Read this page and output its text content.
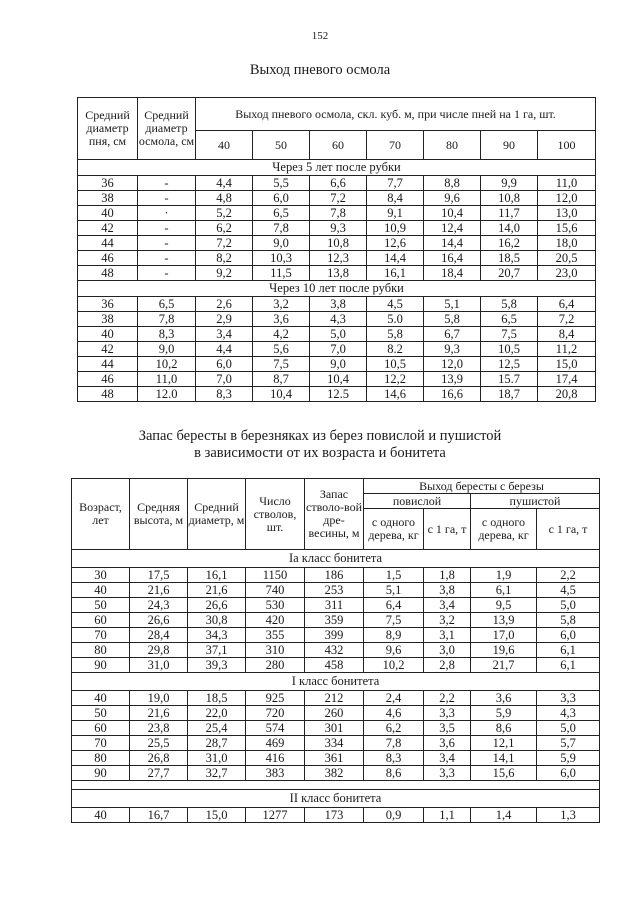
152
Выход пневого осмола
Средний диаметр пня, см	Средний диаметр осмола, см	Выход пневого осмола, скл. куб. м, при числе пней на 1 га, шт.						
		40	50	60	70	80	90	100
Через 5 лет после рубки								
36	-	4,4	5,5	6,6	7,7	8,8	9,9	11,0
38	-	4,8	6,0	7,2	8,4	9,6	10,8	12,0
40	·	5,2	6,5	7,8	9,1	10,4	11,7	13,0
42	-	6,2	7,8	9,3	10,9	12,4	14,0	15,6
44	-	7,2	9,0	10,8	12,6	14,4	16,2	18,0
46	-	8,2	10,3	12,3	14,4	16,4	18,5	20,5
48	-	9,2	11,5	13,8	16,1	18,4	20,7	23,0
Через 10 лет после рубки								
36	6,5	2,6	3,2	3,8	4,5	5,1	5,8	6,4
38	7,8	2,9	3,6	4,3	5.0	5,8	6,5	7,2
40	8,3	3,4	4,2	5,0	5,8	6,7	7,5	8,4
42	9,0	4,4	5,6	7,0	8.2	9,3	10,5	11,2
44	10,2	6,0	7,5	9,0	10,5	12,0	12,5	15,0
46	11,0	7,0	8,7	10,4	12,2	13,9	15.7	17,4
48	12.0	8,3	10,4	12.5	14,6	16,6	18,7	20,8
Запас бересты в березняках из берез повислой и пушистой
в зависимости от их возраста и бонитета
Возраст, лет	Средняя высота, м	Средний диаметр, м	Число стволов, шт.	Запас стволо-вой дре-весины, м	Выход бересты с березы			
					повислой		пушистой	
					с одного дерева, кг	с 1 га, т	с одного дерева, кг	с 1 га, т
Iа класс бонитета								
30	17,5	16,1	1150	186	1,5	1,8	1,9	2,2
40	21,6	21,6	740	253	5,1	3,8	6,1	4,5
50	24,3	26,6	530	311	6,4	3,4	9,5	5,0
60	26,6	30,8	420	359	7,5	3,2	13,9	5,8
70	28,4	34,3	355	399	8,9	3,1	17,0	6,0
80	29,8	37,1	310	432	9,6	3,0	19,6	6,1
90	31,0	39,3	280	458	10,2	2,8	21,7	6,1
I класс бонитета								
40	19,0	18,5	925	212	2,4	2,2	3,6	3,3
50	21,6	22,0	720	260	4,6	3,3	5,9	4,3
60	23,8	25,4	574	301	6,2	3,5	8,6	5,0
70	25,5	28,7	469	334	7,8	3,6	12,1	5,7
80	26,8	31,0	416	361	8,3	3,4	14,1	5,9
90	27,7	32,7	383	382	8,6	3,3	15,6	6,0

II класс бонитета								
40	16,7	15,0	1277	173	0,9	1,1	1,4	1,3
